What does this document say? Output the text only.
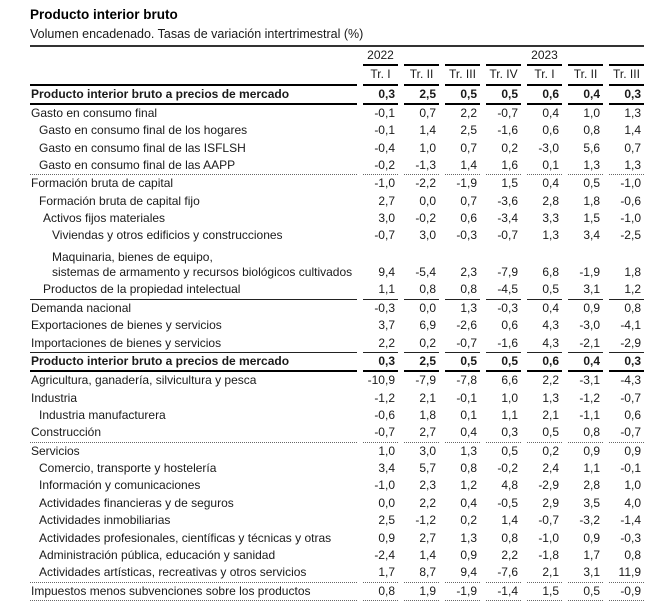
Producto interior bruto
Volumen encadenado. Tasas de variación intertrimestral (%)
	2022				2023		
	Tr. I	Tr. II	Tr. III	Tr. IV	Tr. I	Tr. II	Tr. III
Producto interior bruto a precios de mercado	0,3	2,5	0,5	0,5	0,6	0,4	0,3
Gasto en consumo final	-0,1	0,7	2,2	-0,7	0,4	1,0	1,3
Gasto en consumo final de los hogares	-0,1	1,4	2,5	-1,6	0,6	0,8	1,4
Gasto en consumo final de las ISFLSH	-0,4	1,0	0,7	0,2	-3,0	5,6	0,7
Gasto en consumo final de las AAPP	-0,2	-1,3	1,4	1,6	0,1	1,3	1,3
Formación bruta de capital	-1,0	-2,2	-1,9	1,5	0,4	0,5	-1,0
Formación bruta de capital fijo	2,7	0,0	0,7	-3,6	2,8	1,8	-0,6
Activos fijos materiales	3,0	-0,2	0,6	-3,4	3,3	1,5	-1,0
Viviendas y otros edificios y construcciones	-0,7	3,0	-0,3	-0,7	1,3	3,4	-2,5

Maquinaria, bienes de equipo,
sistemas de armamento y recursos biológicos cultivados	9,4	-5,4	2,3	-7,9	6,8	-1,9	1,8
Productos de la propiedad intelectual	1,1	0,8	0,8	-4,5	0,5	3,1	1,2
Demanda nacional	-0,3	0,0	1,3	-0,3	0,4	0,9	0,8
Exportaciones de bienes y servicios	3,7	6,9	-2,6	0,6	4,3	-3,0	-4,1
Importaciones de bienes y servicios	2,2	0,2	-0,7	-1,6	4,3	-2,1	-2,9
Producto interior bruto a precios de mercado	0,3	2,5	0,5	0,5	0,6	0,4	0,3
Agricultura, ganadería, silvicultura y pesca	-10,9	-7,9	-7,8	6,6	2,2	-3,1	-4,3
Industria	-1,2	2,1	-0,1	1,0	1,3	-1,2	-0,7
Industria manufacturera	-0,6	1,8	0,1	1,1	2,1	-1,1	0,6
Construcción	-0,7	2,7	0,4	0,3	0,5	0,8	-0,7
Servicios	1,0	3,0	1,3	0,5	0,2	0,9	0,9
Comercio, transporte y hostelería	3,4	5,7	0,8	-0,2	2,4	1,1	-0,1
Información y comunicaciones	-1,0	2,3	1,2	4,8	-2,9	2,8	1,0
Actividades financieras y de seguros	0,0	2,2	0,4	-0,5	2,9	3,5	4,0
Actividades inmobiliarias	2,5	-1,2	0,2	1,4	-0,7	-3,2	-1,4
Actividades profesionales, científicas y técnicas y otras	0,9	2,7	1,3	0,8	-1,0	0,9	-0,3
Administración pública, educación y sanidad	-2,4	1,4	0,9	2,2	-1,8	1,7	0,8
Actividades artísticas, recreativas y otros servicios	1,7	8,7	9,4	-7,6	2,1	3,1	11,9
Impuestos menos subvenciones sobre los productos	0,8	1,9	-1,9	-1,4	1,5	0,5	-0,9
